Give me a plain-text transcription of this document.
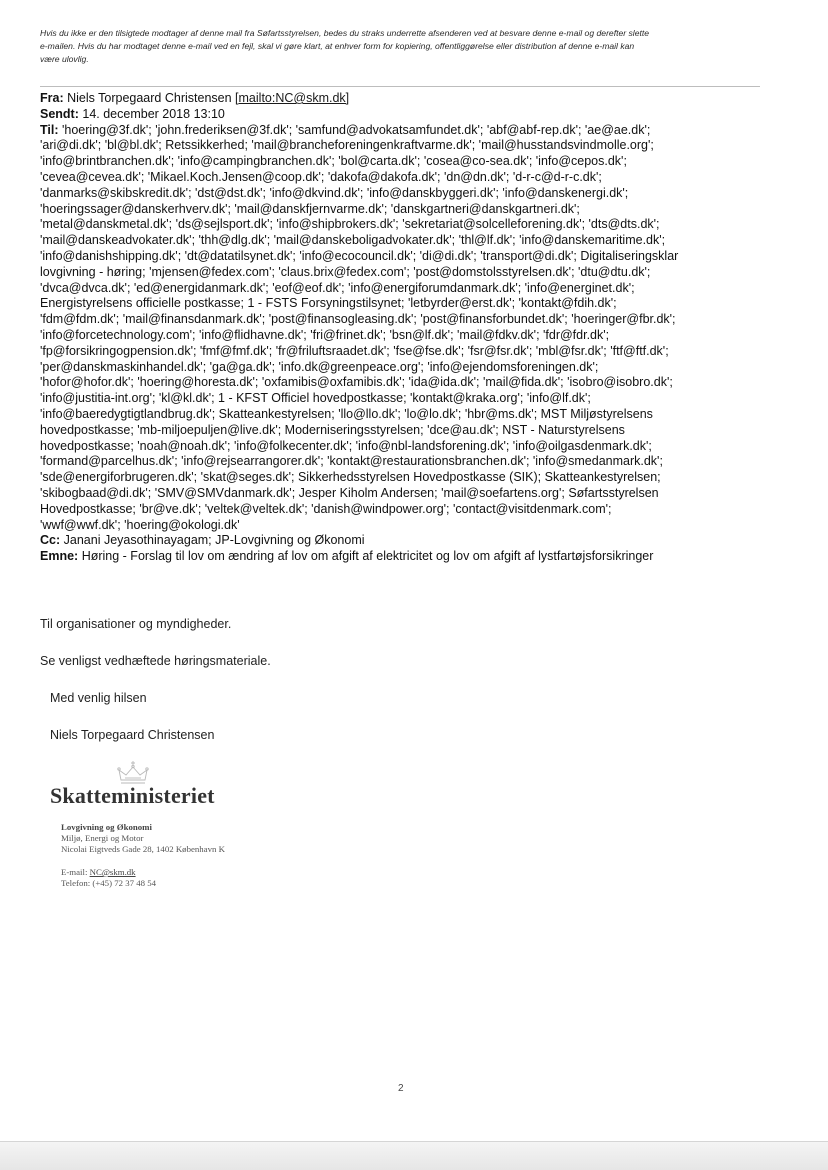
Hvis du ikke er den tilsigtede modtager af denne mail fra Søfartsstyrelsen, bedes du straks underrette afsenderen ved at besvare denne e-mail og derefter slette

e-mailen. Hvis du har modtaget denne e-mail ved en fejl, skal vi gøre klart, at enhver form for kopiering, offentliggørelse eller distribution af denne e-mail kan

være ulovlig.

Fra: Niels Torpegaard Christensen [mailto:NC@skm.dk]

Sendt: 14. december 2018 13:10

Til: 'hoering@3f.dk'; 'john.frederiksen@3f.dk'; 'samfund@advokatsamfundet.dk'; 'abf@abf-rep.dk'; 'ae@ae.dk';

'ari@di.dk'; 'bl@bl.dk'; Retssikkerhed; 'mail@brancheforeningenkraftvarme.dk'; 'mail@husstandsvindmolle.org';

'info@brintbranchen.dk'; 'info@campingbranchen.dk'; 'bol@carta.dk'; 'cosea@co-sea.dk'; 'info@cepos.dk';

'cevea@cevea.dk'; 'Mikael.Koch.Jensen@coop.dk'; 'dakofa@dakofa.dk'; 'dn@dn.dk'; 'd-r-c@d-r-c.dk';

'danmarks@skibskredit.dk'; 'dst@dst.dk'; 'info@dkvind.dk'; 'info@danskbyggeri.dk'; 'info@danskenergi.dk';

'hoeringssager@danskerhverv.dk'; 'mail@danskfjernvarme.dk'; 'danskgartneri@danskgartneri.dk';

'metal@danskmetal.dk'; 'ds@sejlsport.dk'; 'info@shipbrokers.dk'; 'sekretariat@solcelleforening.dk'; 'dts@dts.dk';

'mail@danskeadvokater.dk'; 'thh@dlg.dk'; 'mail@danskeboligadvokater.dk'; 'thl@lf.dk'; 'info@danskemaritime.dk';

'info@danishshipping.dk'; 'dt@datatilsynet.dk'; 'info@ecocouncil.dk'; 'di@di.dk'; 'transport@di.dk'; Digitaliseringsklar

lovgivning - høring; 'mjensen@fedex.com'; 'claus.brix@fedex.com'; 'post@domstolsstyrelsen.dk'; 'dtu@dtu.dk';

'dvca@dvca.dk'; 'ed@energidanmark.dk'; 'eof@eof.dk'; 'info@energiforumdanmark.dk'; 'info@energinet.dk';

Energistyrelsens officielle postkasse; 1 - FSTS Forsyningstilsynet; 'letbyrder@erst.dk'; 'kontakt@fdih.dk';

'fdm@fdm.dk'; 'mail@finansdanmark.dk'; 'post@finansogleasing.dk'; 'post@finansforbundet.dk'; 'hoeringer@fbr.dk';

'info@forcetechnology.com'; 'info@flidhavne.dk'; 'fri@frinet.dk'; 'bsn@lf.dk'; 'mail@fdkv.dk'; 'fdr@fdr.dk';

'fp@forsikringogpension.dk'; 'fmf@fmf.dk'; 'fr@friluftsraadet.dk'; 'fse@fse.dk'; 'fsr@fsr.dk'; 'mbl@fsr.dk'; 'ftf@ftf.dk';

'per@danskmaskinhandel.dk'; 'ga@ga.dk'; 'info.dk@greenpeace.org'; 'info@ejendomsforeningen.dk';

'hofor@hofor.dk'; 'hoering@horesta.dk'; 'oxfamibis@oxfamibis.dk'; 'ida@ida.dk'; 'mail@fida.dk'; 'isobro@isobro.dk';

'info@justitia-int.org'; 'kl@kl.dk'; 1 - KFST Officiel hovedpostkasse; 'kontakt@kraka.org'; 'info@lf.dk';

'info@baeredygtigtlandbrug.dk'; Skatteankestyrelsen; 'llo@llo.dk'; 'lo@lo.dk'; 'hbr@ms.dk'; MST Miljøstyrelsens

hovedpostkasse; 'mb-miljoepuljen@live.dk'; Moderniseringsstyrelsen; 'dce@au.dk'; NST - Naturstyrelsens

hovedpostkasse; 'noah@noah.dk'; 'info@folkecenter.dk'; 'info@nbl-landsforening.dk'; 'info@oilgasdenmark.dk';

'formand@parcelhus.dk'; 'info@rejsearrangorer.dk'; 'kontakt@restaurationsbranchen.dk'; 'info@smedanmark.dk';

'sde@energiforbrugeren.dk'; 'skat@seges.dk'; Sikkerhedsstyrelsen Hovedpostkasse (SIK); Skatteankestyrelsen;

'skibogbaad@di.dk'; 'SMV@SMVdanmark.dk'; Jesper Kiholm Andersen; 'mail@soefartens.org'; Søfartsstyrelsen

Hovedpostkasse; 'br@ve.dk'; 'veltek@veltek.dk'; 'danish@windpower.org'; 'contact@visitdenmark.com';

'wwf@wwf.dk'; 'hoering@okologi.dk'

Cc: Janani Jeyasothinayagam; JP-Lovgivning og Økonomi

Emne: Høring - Forslag til lov om ændring af lov om afgift af elektricitet og lov om afgift af lystfartøjsforsikringer

Til organisationer og myndigheder.

Se venligst vedhæftede høringsmateriale.

Med venlig hilsen

Niels Torpegaard Christensen

Skatteministeriet

Lovgivning og Økonomi

Miljø, Energi og Motor

Nicolai Eigtveds Gade 28, 1402 København K

E-mail: NC@skm.dk

Telefon: (+45) 72 37 48 54

2
